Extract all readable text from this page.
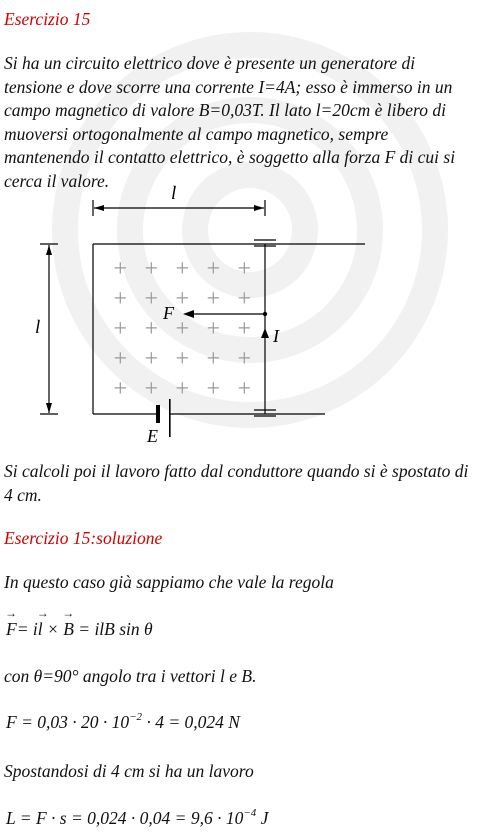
Esercizio 15

Si ha un circuito elettrico dove è presente un generatore di tensione e dove scorre una corrente I=4A; esso è immerso in un campo magnetico di valore B=0,03T. Il lato l=20cm è libero di muoversi ortogonalmente al campo magnetico, sempre mantenendo il contatto elettrico, è soggetto alla forza F di cui si cerca il valore.

+ + + + +
+ + + + +
+ + + + +
+ + + + +
+ + + + +
l
l
F
I
E

Si calcoli poi il lavoro fatto dal conduttore quando si è spostato di 4 cm.

Esercizio 15:soluzione
In questo caso già sappiamo che vale la regola
→ F= i→ l × → B = ilB sin θ
con θ=90° angolo tra i vettori l e B.
$F = 0,03 \cdot 20 \cdot 10^{-2} \cdot 4 = 0,024$ N
Spostandosi di 4 cm si ha un lavoro
$L = F \cdot s = 0,024 \cdot 0,04 = 9,6 \cdot 10^{-4}$ J
